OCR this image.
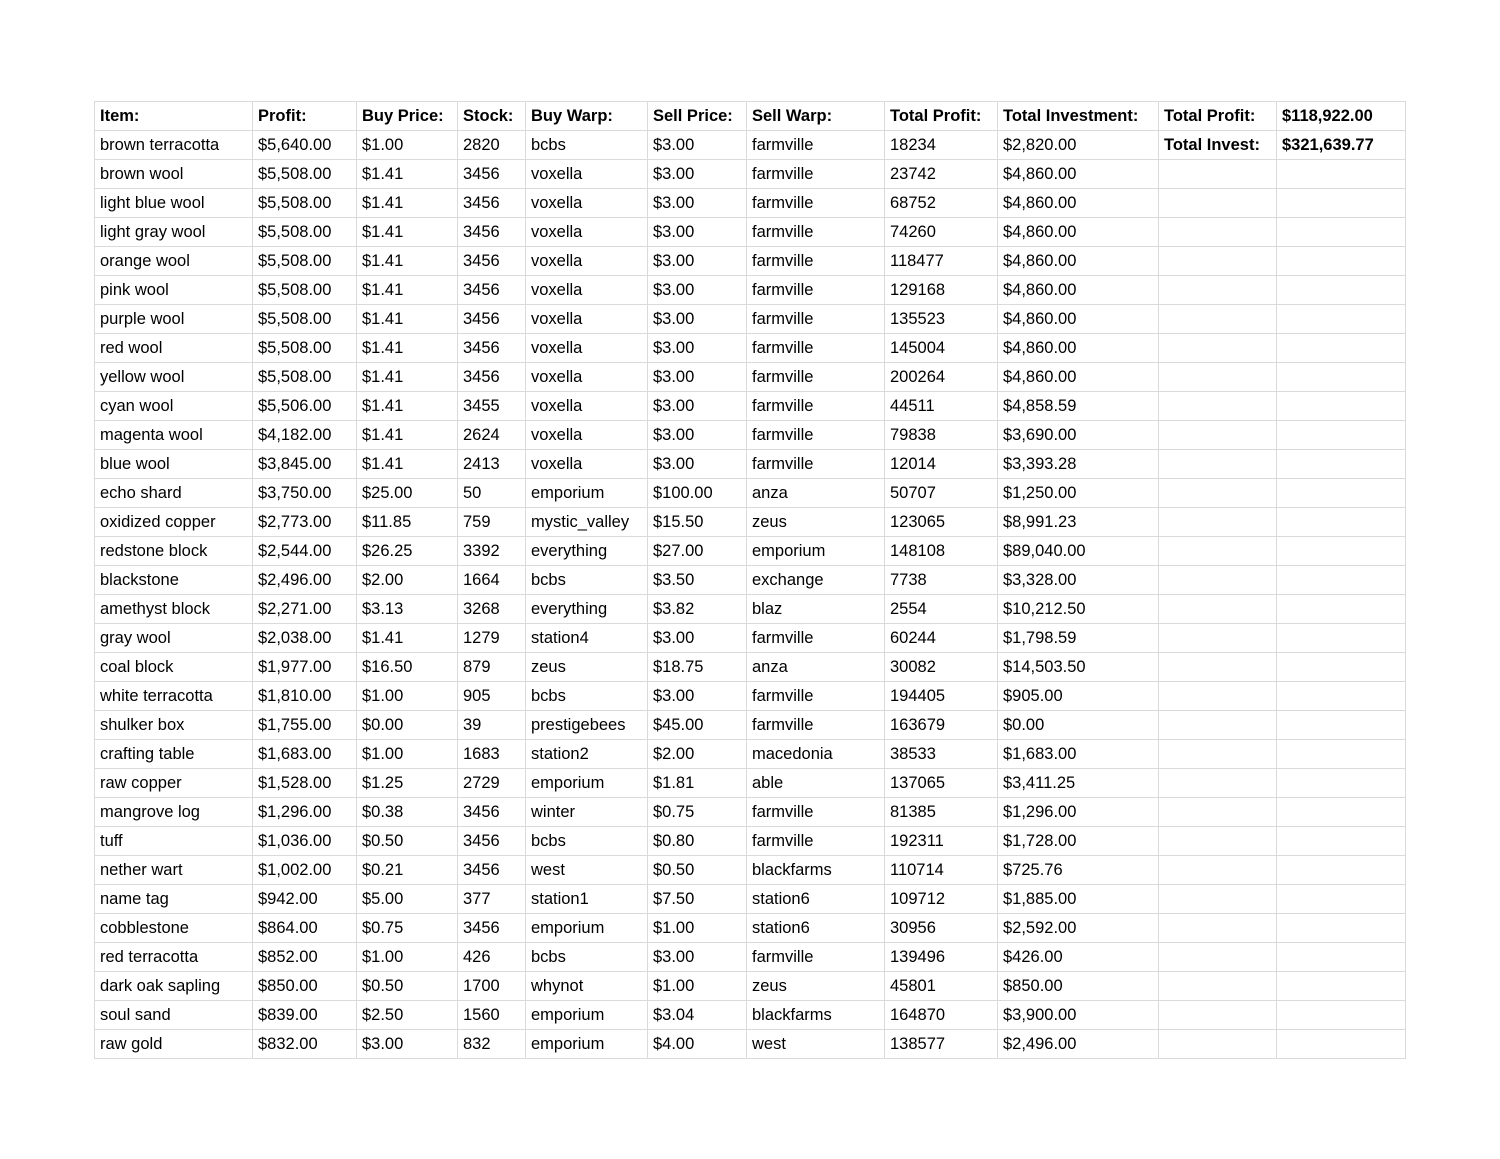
Item:	Profit:	Buy Price:	Stock:	Buy Warp:	Sell Price:	Sell Warp:	Total Profit:	Total Investment:	Total Profit:	$118,922.00
brown terracotta	$5,640.00	$1.00	2820	bcbs	$3.00	farmville	18234	$2,820.00	Total Invest:	$321,639.77
brown wool	$5,508.00	$1.41	3456	voxella	$3.00	farmville	23742	$4,860.00		
light blue wool	$5,508.00	$1.41	3456	voxella	$3.00	farmville	68752	$4,860.00		
light gray wool	$5,508.00	$1.41	3456	voxella	$3.00	farmville	74260	$4,860.00		
orange wool	$5,508.00	$1.41	3456	voxella	$3.00	farmville	118477	$4,860.00		
pink wool	$5,508.00	$1.41	3456	voxella	$3.00	farmville	129168	$4,860.00		
purple wool	$5,508.00	$1.41	3456	voxella	$3.00	farmville	135523	$4,860.00		
red wool	$5,508.00	$1.41	3456	voxella	$3.00	farmville	145004	$4,860.00		
yellow wool	$5,508.00	$1.41	3456	voxella	$3.00	farmville	200264	$4,860.00		
cyan wool	$5,506.00	$1.41	3455	voxella	$3.00	farmville	44511	$4,858.59		
magenta wool	$4,182.00	$1.41	2624	voxella	$3.00	farmville	79838	$3,690.00		
blue wool	$3,845.00	$1.41	2413	voxella	$3.00	farmville	12014	$3,393.28		
echo shard	$3,750.00	$25.00	50	emporium	$100.00	anza	50707	$1,250.00		
oxidized copper	$2,773.00	$11.85	759	mystic_valley	$15.50	zeus	123065	$8,991.23		
redstone block	$2,544.00	$26.25	3392	everything	$27.00	emporium	148108	$89,040.00		
blackstone	$2,496.00	$2.00	1664	bcbs	$3.50	exchange	7738	$3,328.00		
amethyst block	$2,271.00	$3.13	3268	everything	$3.82	blaz	2554	$10,212.50		
gray wool	$2,038.00	$1.41	1279	station4	$3.00	farmville	60244	$1,798.59		
coal block	$1,977.00	$16.50	879	zeus	$18.75	anza	30082	$14,503.50		
white terracotta	$1,810.00	$1.00	905	bcbs	$3.00	farmville	194405	$905.00		
shulker box	$1,755.00	$0.00	39	prestigebees	$45.00	farmville	163679	$0.00		
crafting table	$1,683.00	$1.00	1683	station2	$2.00	macedonia	38533	$1,683.00		
raw copper	$1,528.00	$1.25	2729	emporium	$1.81	able	137065	$3,411.25		
mangrove log	$1,296.00	$0.38	3456	winter	$0.75	farmville	81385	$1,296.00		
tuff	$1,036.00	$0.50	3456	bcbs	$0.80	farmville	192311	$1,728.00		
nether wart	$1,002.00	$0.21	3456	west	$0.50	blackfarms	110714	$725.76		
name tag	$942.00	$5.00	377	station1	$7.50	station6	109712	$1,885.00		
cobblestone	$864.00	$0.75	3456	emporium	$1.00	station6	30956	$2,592.00		
red terracotta	$852.00	$1.00	426	bcbs	$3.00	farmville	139496	$426.00		
dark oak sapling	$850.00	$0.50	1700	whynot	$1.00	zeus	45801	$850.00		
soul sand	$839.00	$2.50	1560	emporium	$3.04	blackfarms	164870	$3,900.00		
raw gold	$832.00	$3.00	832	emporium	$4.00	west	138577	$2,496.00		
